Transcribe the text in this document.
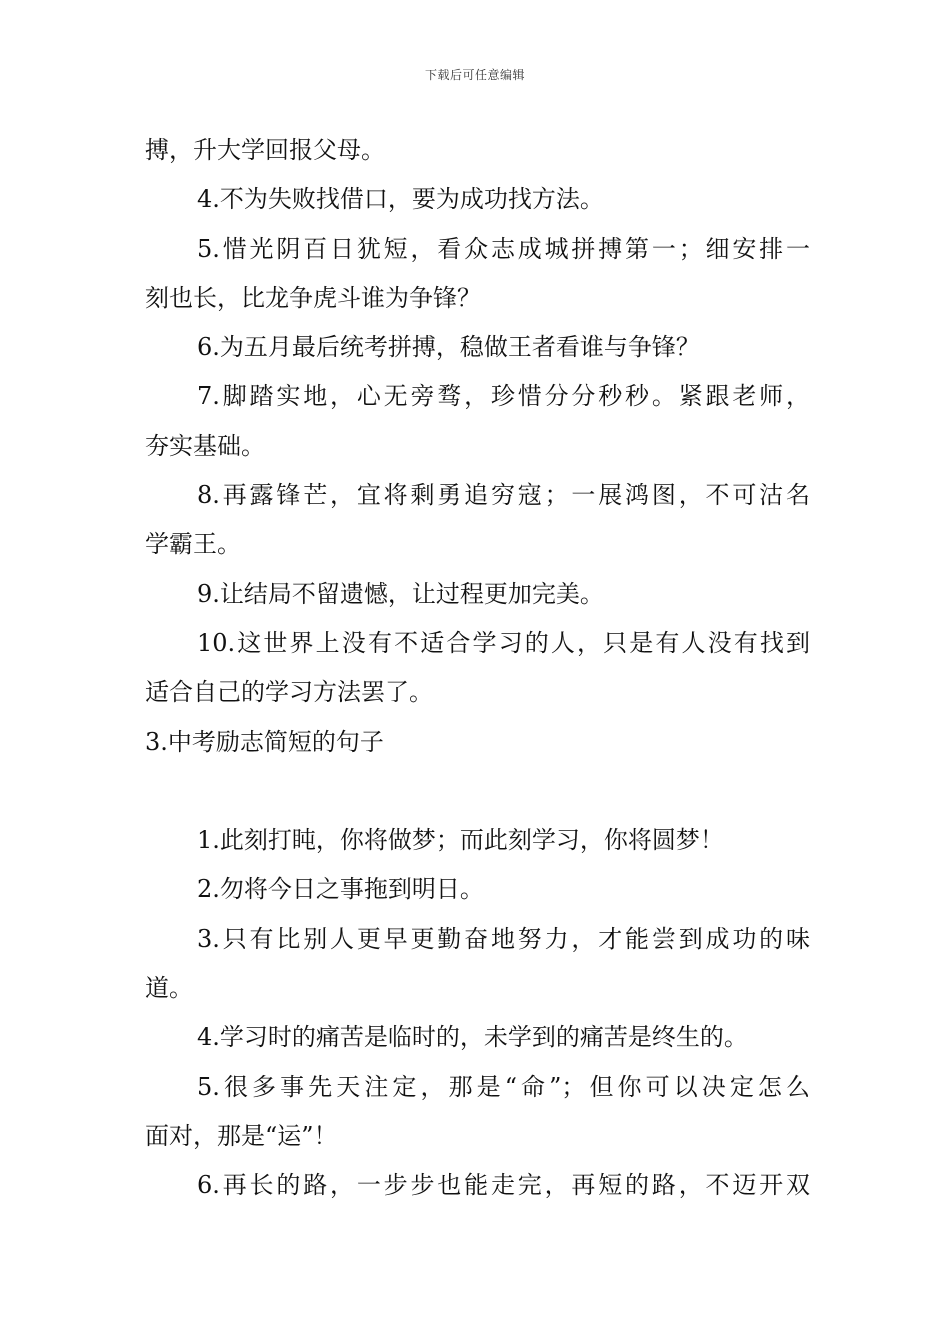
下载后可任意编辑
搏，升大学回报父母。
4.不为失败找借口，要为成功找方法。
5.惜光阴百日犹短，看众志成城拼搏第一；细安排一
刻也长，比龙争虎斗谁为争锋？
6.为五月最后统考拼搏，稳做王者看谁与争锋？
7.脚踏实地，心无旁骛，珍惜分分秒秒。紧跟老师，
夯实基础。
8.再露锋芒，宜将剩勇追穷寇；一展鸿图，不可沽名
学霸王。
9.让结局不留遗憾，让过程更加完美。
10.这世界上没有不适合学习的人，只是有人没有找到
适合自己的学习方法罢了。
3.中考励志简短的句子
1.此刻打盹，你将做梦；而此刻学习，你将圆梦！
2.勿将今日之事拖到明日。
3.只有比别人更早更勤奋地努力，才能尝到成功的味
道。
4.学习时的痛苦是临时的，未学到的痛苦是终生的。
5.很多事先天注定，那是“命”；但你可以决定怎么
面对，那是“运”！
6.再长的路，一步步也能走完，再短的路，不迈开双
